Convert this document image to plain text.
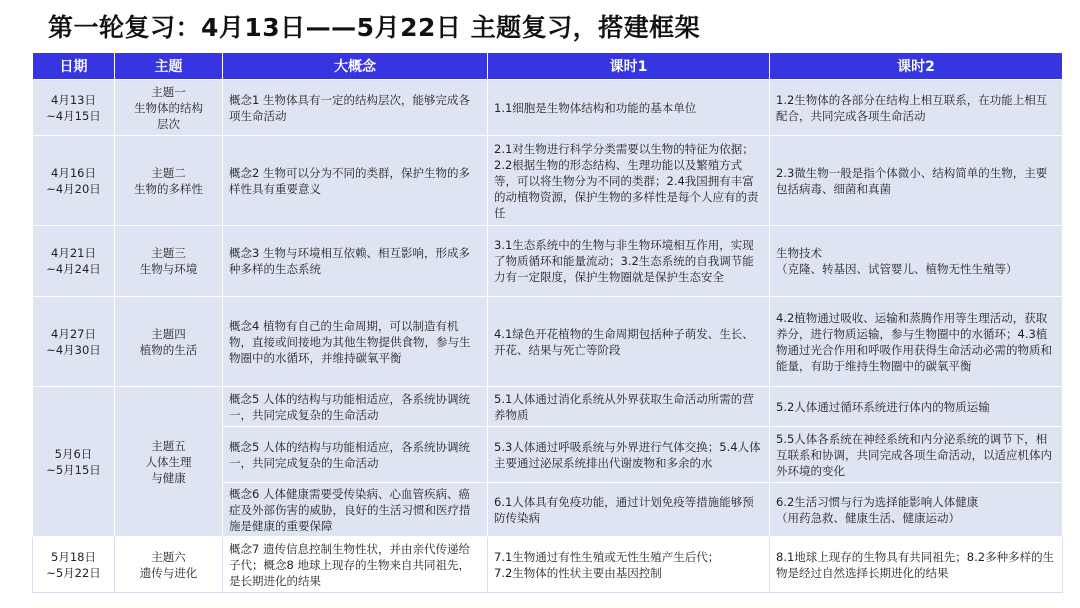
第一轮复习：4月13日——5月22日 主题复习，搭建框架
日期	主题	大概念	课时1	课时2
4月13日
~4月15日	主题一
生物体的结构
层次	概念1 生物体具有一定的结构层次，能够完成各项生命活动	1.1细胞是生物体结构和功能的基本单位	1.2生物体的各部分在结构上相互联系，在功能上相互配合，共同完成各项生命活动
4月16日
~4月20日	主题二
生物的多样性	概念2 生物可以分为不同的类群，保护生物的多样性具有重要意义	2.1对生物进行科学分类需要以生物的特征为依据；2.2根据生物的形态结构、生理功能以及繁殖方式等，可以将生物分为不同的类群；2.4我国拥有丰富的动植物资源，保护生物的多样性是每个人应有的责任	2.3微生物一般是指个体微小、结构简单的生物，主要包括病毒、细菌和真菌
4月21日
~4月24日	主题三
生物与环境	概念3 生物与环境相互依赖、相互影响，形成多种多样的生态系统	3.1生态系统中的生物与非生物环境相互作用，实现了物质循环和能量流动；3.2生态系统的自我调节能力有一定限度，保护生物圈就是保护生态安全	生物技术
（克隆、转基因、试管婴儿、植物无性生殖等）
4月27日
~4月30日	主题四
植物的生活	概念4 植物有自己的生命周期，可以制造有机物，直接或间接地为其他生物提供食物，参与生物圈中的水循环，并维持碳氧平衡	4.1绿色开花植物的生命周期包括种子萌发、生长、开花、结果与死亡等阶段	4.2植物通过吸收、运输和蒸腾作用等生理活动，获取养分，进行物质运输，参与生物圈中的水循环；4.3植物通过光合作用和呼吸作用获得生命活动必需的物质和能量，有助于维持生物圈中的碳氧平衡
5月6日
~5月15日	主题五
人体生理
与健康	概念5 人体的结构与功能相适应，各系统协调统一，共同完成复杂的生命活动	5.1人体通过消化系统从外界获取生命活动所需的营养物质	5.2人体通过循环系统进行体内的物质运输
		概念5 人体的结构与功能相适应，各系统协调统一，共同完成复杂的生命活动	5.3人体通过呼吸系统与外界进行气体交换；5.4人体主要通过泌尿系统排出代谢废物和多余的水	5.5人体各系统在神经系统和内分泌系统的调节下，相互联系和协调，共同完成各项生命活动，以适应机体内外环境的变化
		概念6 人体健康需要受传染病、心血管疾病、癌症及外部伤害的威胁，良好的生活习惯和医疗措施是健康的重要保障	6.1人体具有免疫功能，通过计划免疫等措施能够预防传染病	6.2生活习惯与行为选择能影响人体健康
（用药急救、健康生活、健康运动）
5月18日
~5月22日	主题六
遗传与进化	概念7 遗传信息控制生物性状，并由亲代传递给子代；概念8 地球上现存的生物来自共同祖先，是长期进化的结果	7.1生物通过有性生殖或无性生殖产生后代；
7.2生物体的性状主要由基因控制	8.1地球上现存的生物具有共同祖先；8.2多种多样的生物是经过自然选择长期进化的结果
